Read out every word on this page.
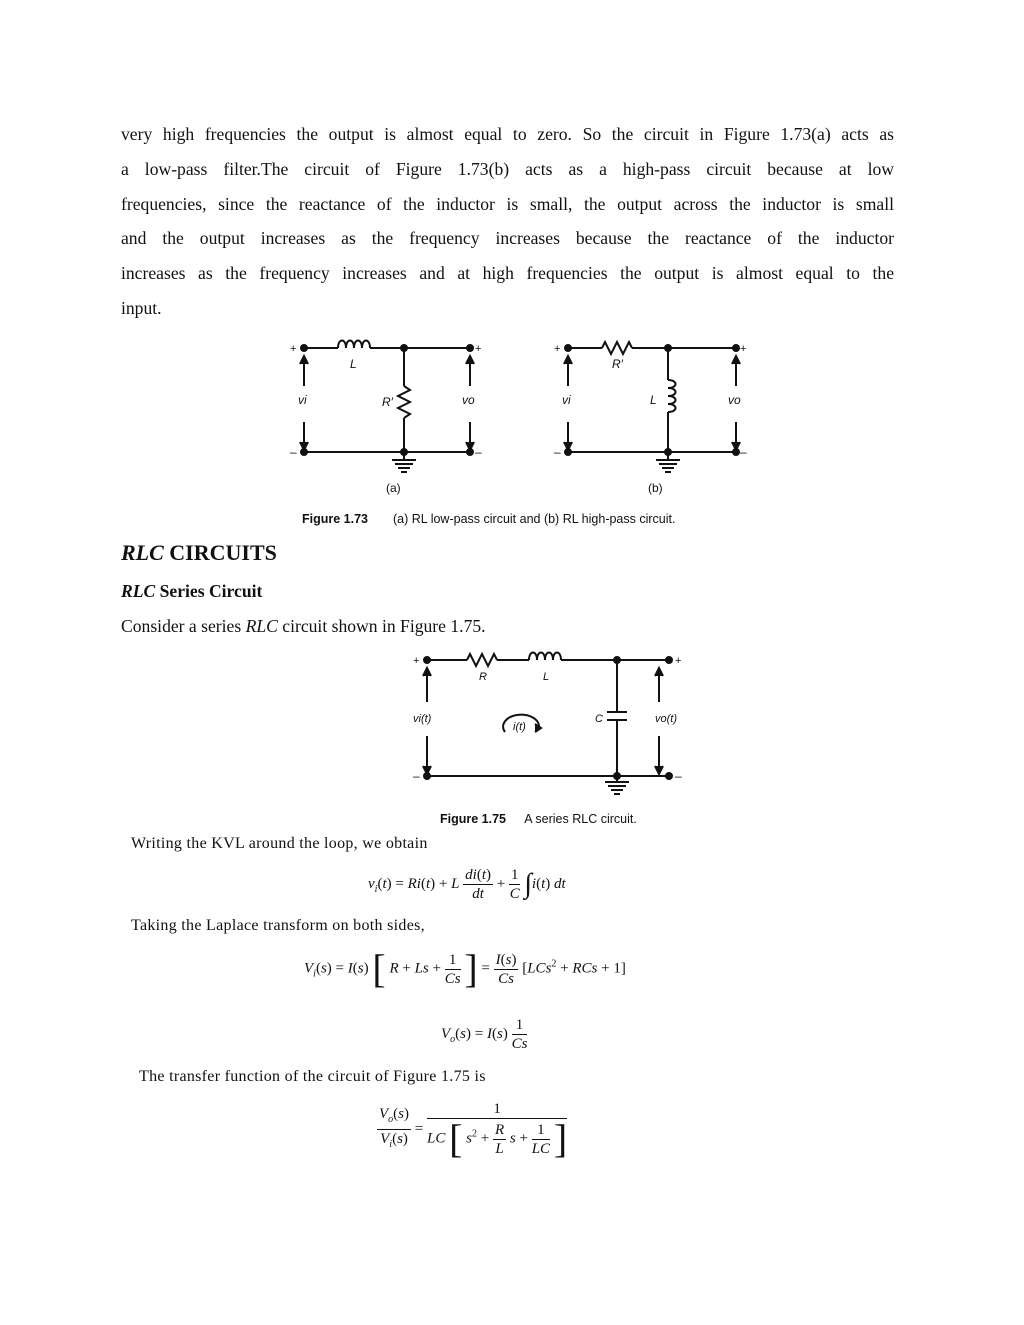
very high frequencies the output is almost equal to zero. So the circuit in Figure 1.73(a) acts as
a low-pass filter.The circuit of Figure 1.73(b) acts as a high-pass circuit because at low
frequencies, since the reactance of the inductor is small, the output across the inductor is small
and the output increases as the frequency increases because the reactance of the inductor
increases as the frequency increases and at high frequencies the output is almost equal to the
input.
+	+
L
R′
vi	vo
–	–
(a)
+	+
R′
L
vi	vo
–	–
(b)
Figure 1.73 (a) RL low-pass circuit and (b) RL high-pass circuit.
RLC CIRCUITS
RLC Series Circuit
Consider a series RLC circuit shown in Figure 1.75.
+	+
R	L
C
vi(t)	vo(t)
i(t)
–	–
Figure 1.75 A series RLC circuit.
Writing the KVL around the loop, we obtain
$v_i(t) = Ri(t) + L \frac{di(t)}{dt} + \frac{1}{C} \int i(t)$ dt
Taking the Laplace transform on both sides,
$V_i(s) = I(s)$ [ $R + Ls + \frac{1}{Cs}$ ] = $\frac{I(s)}{Cs} [LCs^2$ + RCs + 1]
$V_o(s) = I(s) \frac{1}{Cs}$
The transfer function of the circuit of Figure 1.75 is
$\frac{V_o(s)}{V_i(s)} = \frac{1}{LC [ s^2 + \frac{R}{L} s + \frac{1}{LC} ]}$
